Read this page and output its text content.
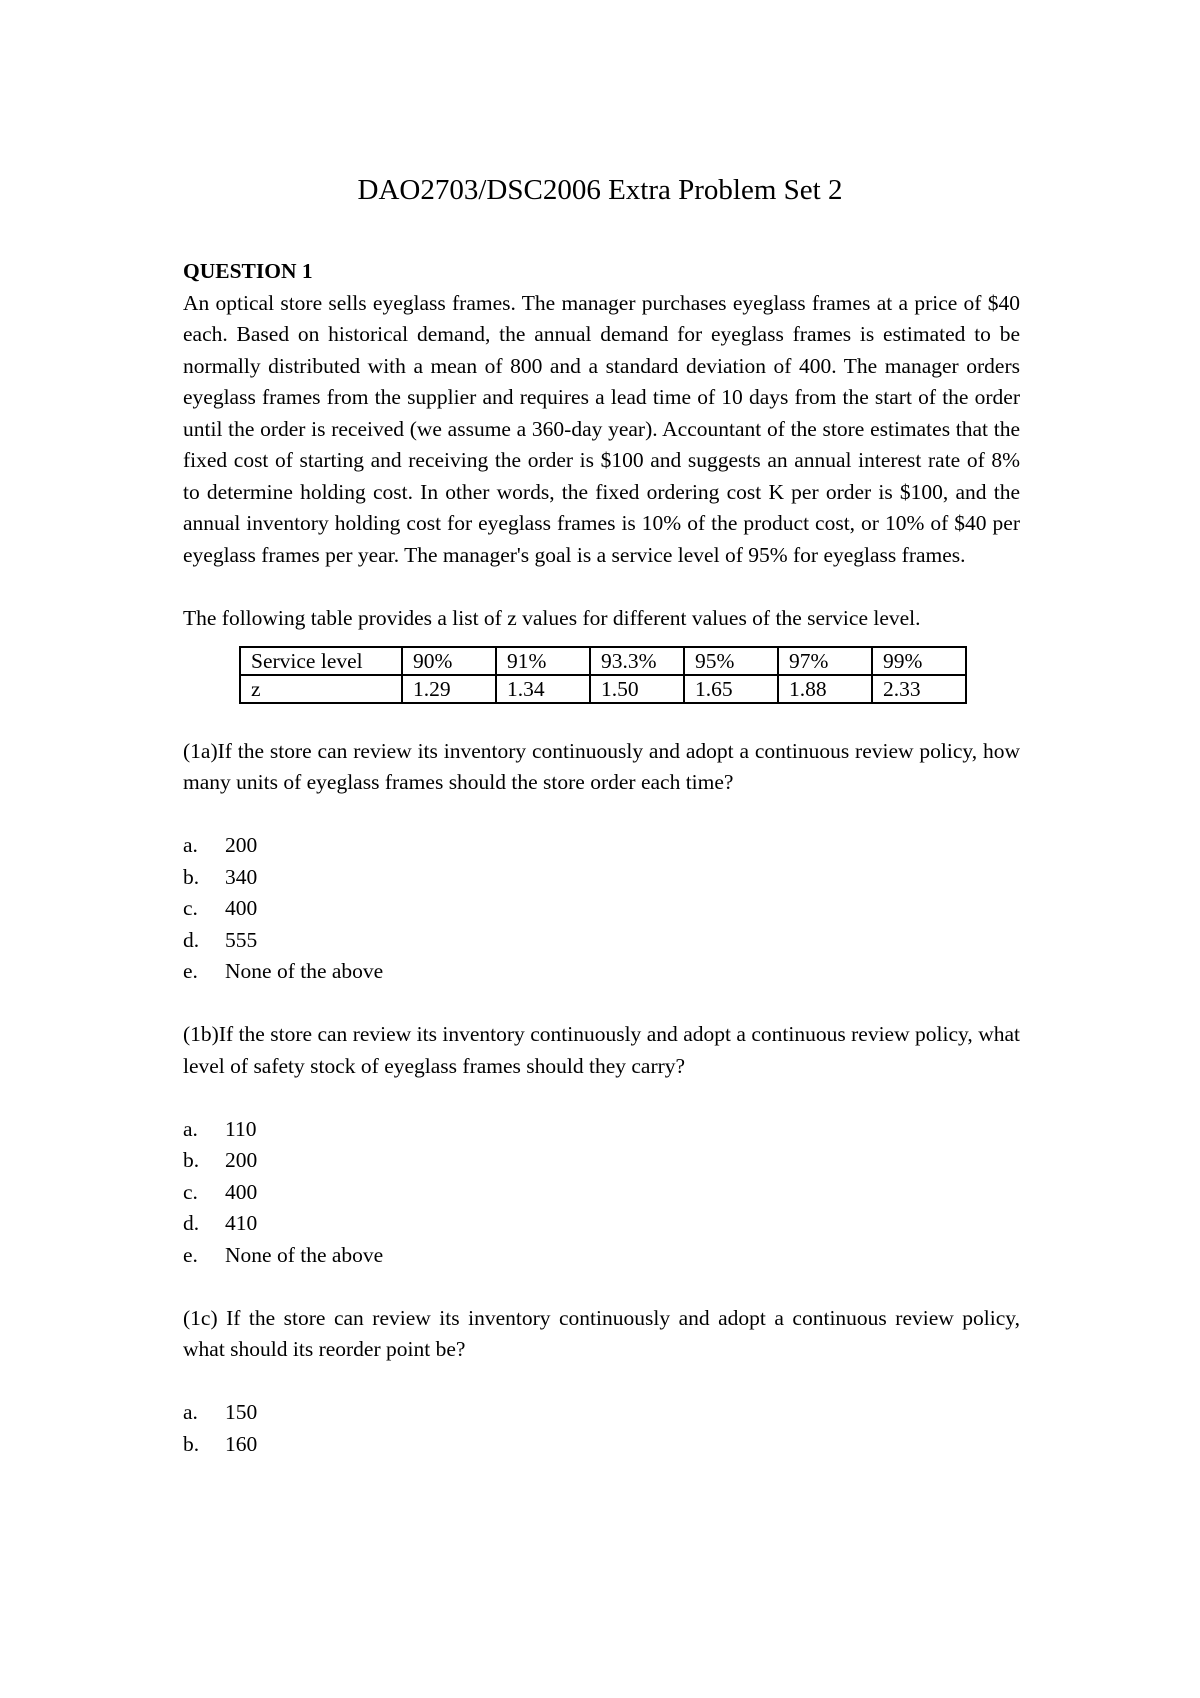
DAO2703/DSC2006 Extra Problem Set 2

QUESTION 1

An optical store sells eyeglass frames. The manager purchases eyeglass frames at a price of $40 each. Based on historical demand, the annual demand for eyeglass frames is estimated to be normally distributed with a mean of 800 and a standard deviation of 400. The manager orders eyeglass frames from the supplier and requires a lead time of 10 days from the start of the order until the order is received (we assume a 360-day year). Accountant of the store estimates that the fixed cost of starting and receiving the order is $100 and suggests an annual interest rate of 8% to determine holding cost. In other words, the fixed ordering cost K per order is $100, and the annual inventory holding cost for eyeglass frames is 10% of the product cost, or 10% of $40 per eyeglass frames per year. The manager's goal is a service level of 95% for eyeglass frames.

The following table provides a list of z values for different values of the service level.

Service level	90%	91%	93.3%	95%	97%	99%
z	1.29	1.34	1.50	1.65	1.88	2.33

(1a)If the store can review its inventory continuously and adopt a continuous review policy, how many units of eyeglass frames should the store order each time?

a.	200
b.	340
c.	400
d.	555
e.	None of the above

(1b)If the store can review its inventory continuously and adopt a continuous review policy, what level of safety stock of eyeglass frames should they carry?

a.	110
b.	200
c.	400
d.	410
e.	None of the above

(1c) If the store can review its inventory continuously and adopt a continuous review policy, what should its reorder point be?

a.	150
b.	160
